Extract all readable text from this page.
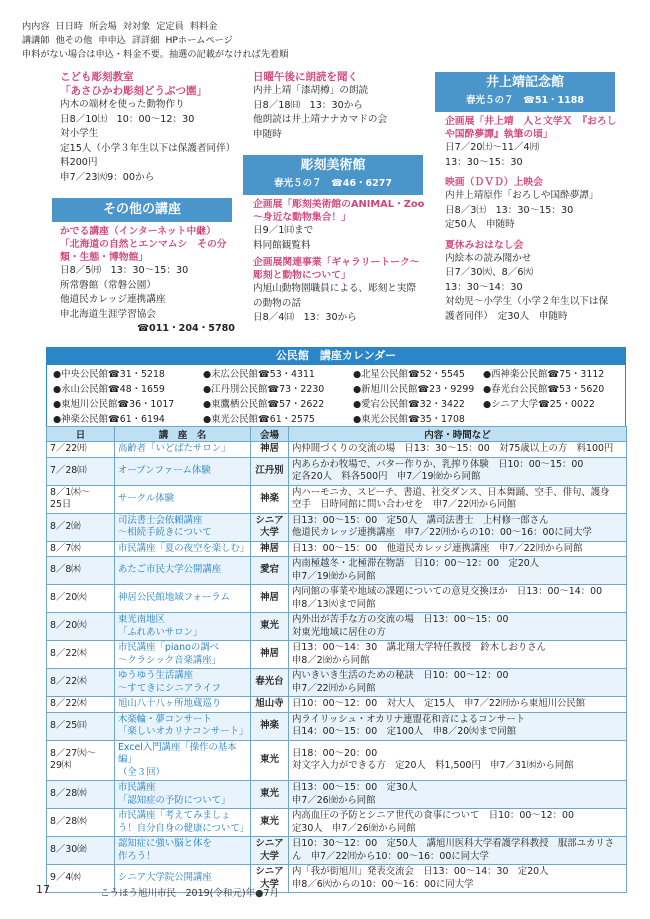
内内容 日日時 所会場 対対象 定定員 料料金
講講師 他その他 申申込 詳詳細 HPホームページ
申料がない場合は申込・料金不要。抽選の記載がなければ先着順
こども彫刻教室
「あさひかわ彫刻どうぶつ園」
内木の端材を使った動物作り
日8／10㈯　10：00～12：30
対小学生
定15人（小学３年生以下は保護者同伴）　料200円
申7／23㈫9：00から
その他の講座
かでる講座（インターネット中継）
「北海道の自然とエンマムシ　その分類・生態・博物館」
日8／5㈪　13：30～15：30
所常磐館（常磐公園）
他道民カレッジ連携講座
申北海道生涯学習協会
☎011・204・5780
日曜午後に朗読を聞く
内井上靖「漆胡樽」の朗読
日8／18㈰　13：30から
他朗読は井上靖ナナカマドの会
申随時
彫刻美術館
春光５の７　☎46・6277
企画展「彫刻美術館のANIMAL・Zoo～身近な動物集合！」
日9／1㈰まで
料同館観覧料
企画展関連事業「ギャラリートーク～彫刻と動物について」
内旭山動物園職員による、彫刻と実際の動物の話
日8／4㈰　13：30から
井上靖記念館
春光５の７　☎51・1188
企画展「井上靖　人と文学Ｘ　『おろしや国酔夢譚』執筆の頃」
日7／20㈯～11／4㈪
13：30～15：30
映画（ＤＶＤ）上映会
内井上靖原作「おろしや国酔夢譚」
日8／3㈯　13：30～15：30
定50人　申随時
夏休みおはなし会
内絵本の読み聞かせ
日7／30㈫、8／6㈫
13：30～14：30
対幼児～小学生（小学２年生以下は保護者同伴）　定30人　申随時
公民館　講座カレンダー
●中央公民館☎31・5218	●末広公民館☎53・4311	●北星公民館☎52・5545	●西神楽公民館☎75・3112
●永山公民館☎48・1659	●江丹別公民館☎73・2230	●新旭川公民館☎23・9299 ●春光台公民館☎53・5620
●東旭川公民館☎36・1017	●東鷹栖公民館☎57・2622	●愛宕公民館☎32・3422	●シニア大学☎25・0022
●神楽公民館☎61・6194	●東光公民館☎61・2575	●東光公民館☎35・1708
日	講　座　名	会場	内容・時間など
7／22㈪	高齢者「いどばたサロン」	神居	内仲間づくりの交流の場　日13：30～15：00　対75歳以上の方　料100円
7／28㈰	オープンファーム体験	江丹別	内あらかわ牧場で、バター作りか、乳搾り体験　日10：00～15：00
定各20人　料各500円　申7／19㈮から同館
8／1㈭～
25日	サークル体験	神楽	内ハーモニカ、スピーチ、書道、社交ダンス、日本舞踊、空手、俳句、護身
空手　日時同館に問い合わせを　申7／22㈪から同館
8／2㈮	司法書士会依頼講座
～相続手続きについて	シニア
大学	日13：00～15：00　定50人　講司法書士　上村修一郎さん
他道民カレッジ連携講座　申7／22㈪からの10：00～16：00に同大学
8／7㈬	市民講座「夏の夜空を楽しむ」	神居	日13：00～15：00　他道民カレッジ連携講座　申7／22㈪から同館
8／8㈭	あたご市民大学公開講座	愛宕	内南極越冬・北極滞在物語　日10：00～12：00　定20人
申7／19㈮から同館
8／20㈫	神居公民館地域フォーラム	神居	内同館の事業や地域の課題についての意見交換ほか　日13：00～14：00
申8／13㈫まで同館
8／20㈫	東光南地区
「ふれあいサロン」	東光	内外出が苦手な方の交流の場　日13：00～15：00
対東光地域に居住の方
8／22㈭	市民講座「pianoの調べ
～クラシック音楽講座」	神居	日13：00～14：30　講北翔大学特任教授　鈴木しおりさん
申8／2㈮から同館
8／22㈭	ゆうゆう生活講座
～すてきにシニアライフ	春光台	内いきいき生活のための秘訣　日10：00～12：00
申7／22㈪から同館
8／22㈭	旭山八十八ヶ所地蔵巡り	旭山寺	日10：00～12：00　対大人　定15人　申7／22㈪から東旭川公民館
8／25㈰	木楽輪・夢コンサート
「楽しいオカリナコンサート」	神楽	内ライリッシュ・オカリナ連盟花和音によるコンサート
日14：00～15：00　定100人　申8／20㈫まで同館
8／27㈫～
29㈭	Excel入門講座「操作の基本編」
（全３回）	東光	日18：00～20：00
対文字入力ができる方　定20人　料1,500円　申7／31㈬から同館
8／28㈬	市民講座
「認知症の予防について」	東光	日13：00～15：00　定30人
申7／26㈮から同館
8／28㈬	市民講座「考えてみましょう！自分自身の健康について」	東光	内高血圧の予防とシニア世代の食事について　日10：00～12：00
定30人　申7／26㈮から同館
8／30㈮	認知症に強い脳と体を
作ろう！	シニア
大学	日10：30～12：00　定50人　講旭川医科大学看護学科教授　服部ユカリさん　申7／22㈪から10：00～16：00に同大学
9／4㈬	シニア大学院公開講座	シニア
大学	内「我が街旭川」発表交流会　日13：00～14：30　定20人
申8／6㈫からの10：00～16：00に同大学
17	こうほう旭川市民　2019(令和元)年●7月
